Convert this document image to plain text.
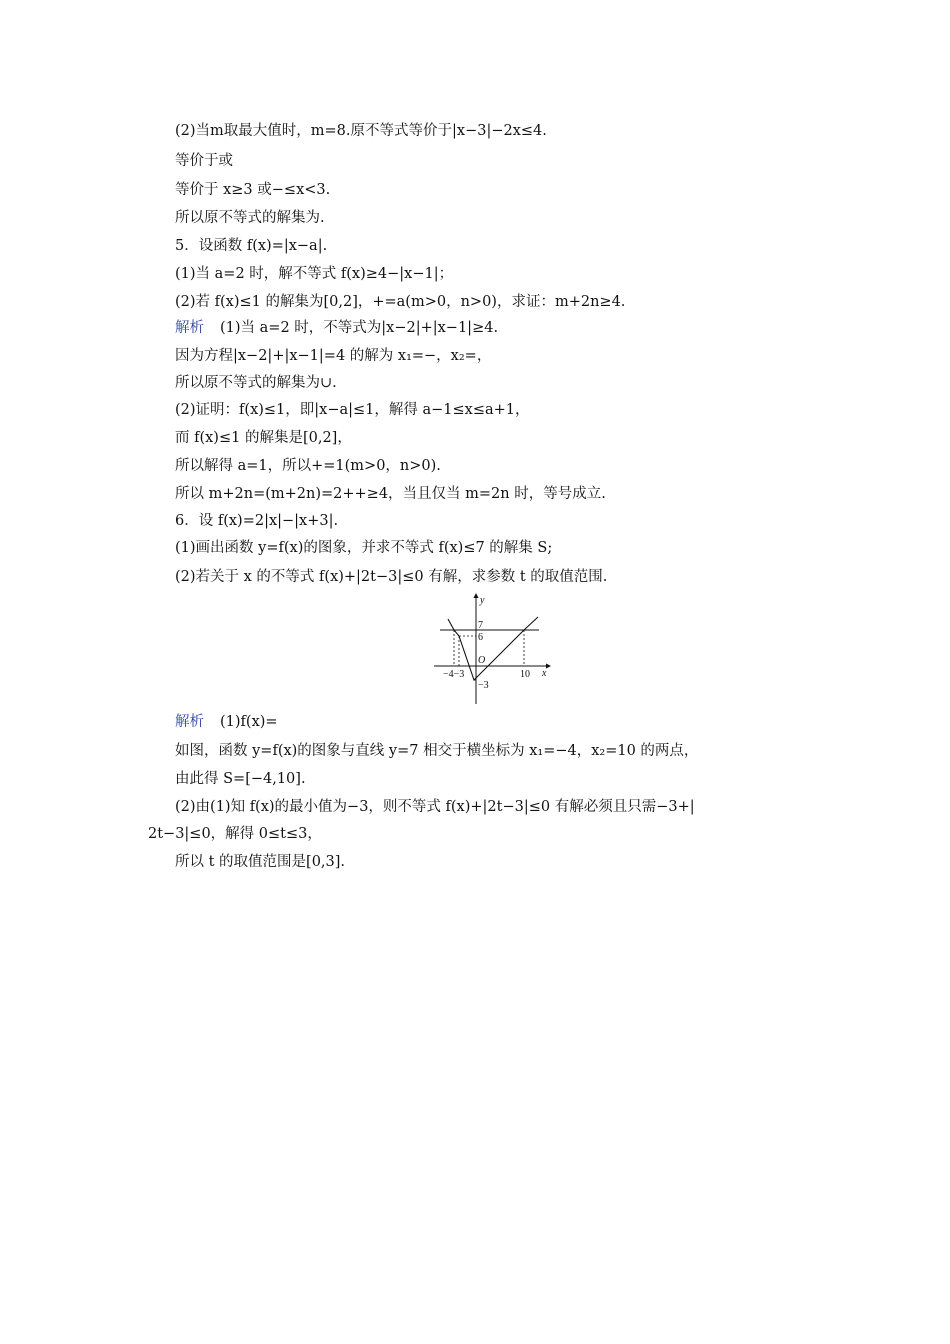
(2)当m取最大值时，m=8.原不等式等价于|x−3|−2x≤4.
等价于或
等价于 x≥3 或−≤x<3.
所以原不等式的解集为.
5．设函数 f(x)=|x−a|.
(1)当 a=2 时，解不等式 f(x)≥4−|x−1|；
(2)若 f(x)≤1 的解集为[0,2]，+=a(m>0，n>0)，求证：m+2n≥4.
解析 (1)当 a=2 时，不等式为|x−2|+|x−1|≥4.
因为方程|x−2|+|x−1|=4 的解为 x₁=−，x₂=，
所以原不等式的解集为∪.
(2)证明：f(x)≤1，即|x−a|≤1，解得 a−1≤x≤a+1，
而 f(x)≤1 的解集是[0,2]，
所以解得 a=1，所以+=1(m>0，n>0).
所以 m+2n=(m+2n)=2++≥4，当且仅当 m=2n 时，等号成立.
6．设 f(x)=2|x|−|x+3|.
(1)画出函数 y=f(x)的图象，并求不等式 f(x)≤7 的解集 S;
(2)若关于 x 的不等式 f(x)+|2t−3|≤0 有解，求参数 t 的取值范围.
y
x
O
7
6
−3
−4−3	10
解析 (1)f(x)=
如图，函数 y=f(x)的图象与直线 y=7 相交于横坐标为 x₁=−4，x₂=10 的两点，
由此得 S=[−4,10].
(2)由(1)知 f(x)的最小值为−3，则不等式 f(x)+|2t−3|≤0 有解必须且只需−3+|
2t−3|≤0，解得 0≤t≤3，
所以 t 的取值范围是[0,3].
